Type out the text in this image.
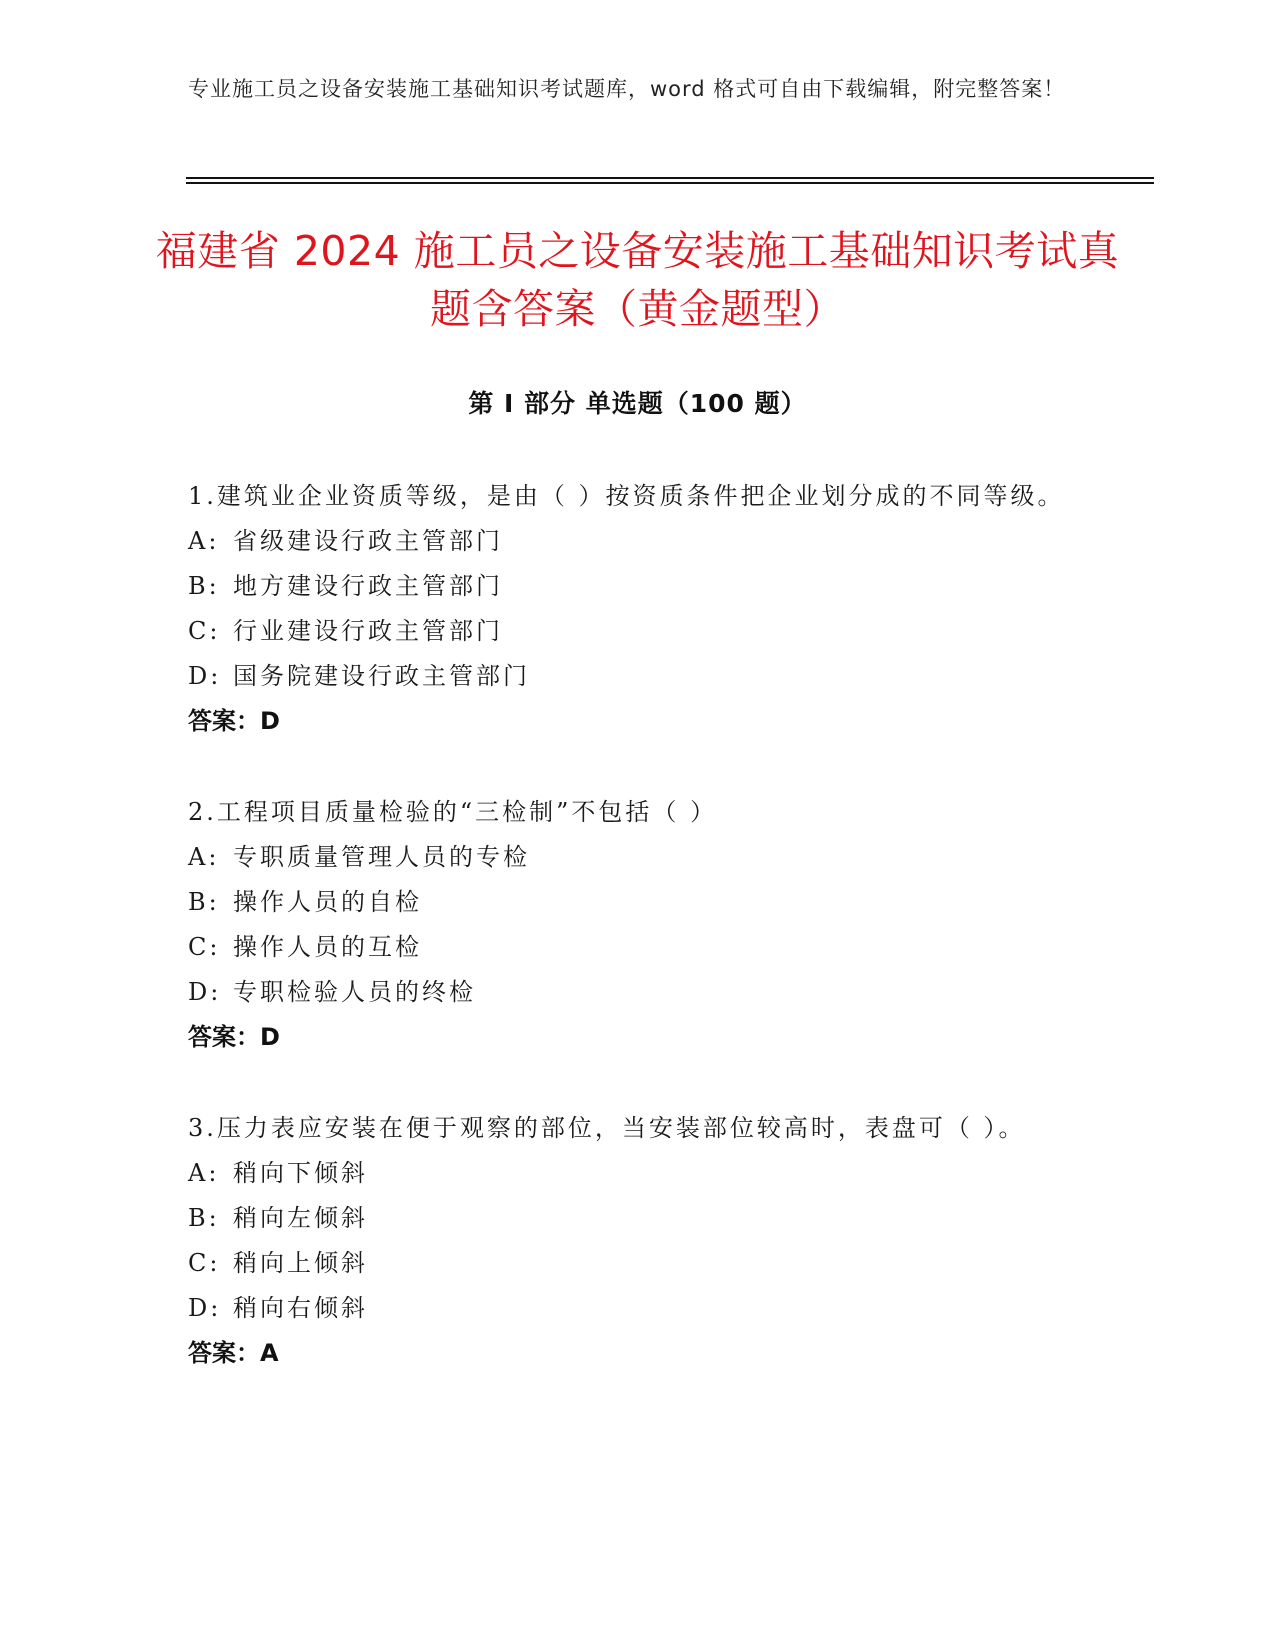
专业施工员之设备安装施工基础知识考试题库，word 格式可自由下载编辑，附完整答案！
福建省 2024 施工员之设备安装施工基础知识考试真题含答案（黄金题型）
第 I 部分 单选题（100 题）
1.建筑业企业资质等级，是由（ ）按资质条件把企业划分成的不同等级。
A: 省级建设行政主管部门
B: 地方建设行政主管部门
C: 行业建设行政主管部门
D: 国务院建设行政主管部门
答案：D
2.工程项目质量检验的“三检制”不包括（ ）
A: 专职质量管理人员的专检
B: 操作人员的自检
C: 操作人员的互检
D: 专职检验人员的终检
答案：D
3.压力表应安装在便于观察的部位，当安装部位较高时，表盘可（ ）。
A: 稍向下倾斜
B: 稍向左倾斜
C: 稍向上倾斜
D: 稍向右倾斜
答案：A
